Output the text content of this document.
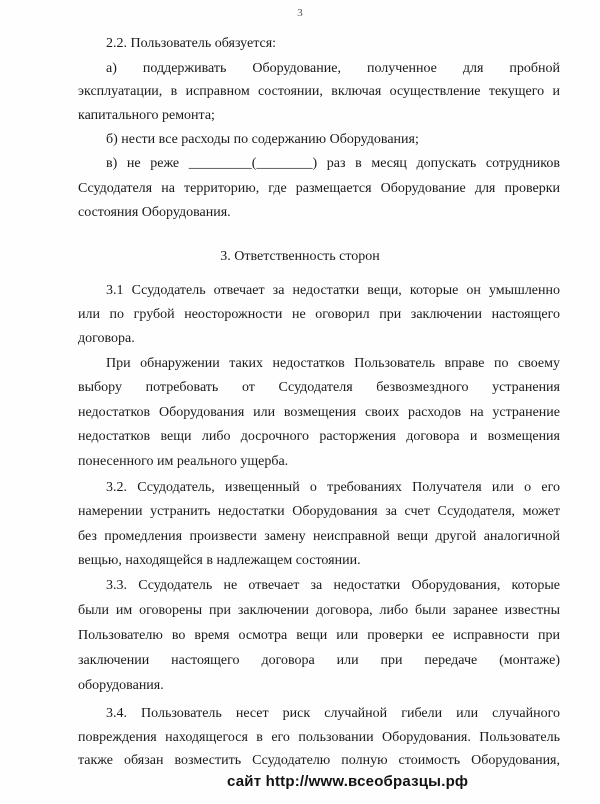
3
2.2. Пользователь обязуется:
а) поддерживать Оборудование, полученное для пробной
эксплуатации, в исправном состоянии, включая осуществление текущего и
капитального ремонта;
б) нести все расходы по содержанию Оборудования;
в) не реже _________(________) раз в месяц допускать сотрудников
Ссудодателя на территорию, где размещается Оборудование для проверки
состояния Оборудования.
3. Ответственность сторон
3.1 Ссудодатель отвечает за недостатки вещи, которые он умышленно
или по грубой неосторожности не оговорил при заключении настоящего
договора.
При обнаружении таких недостатков Пользователь вправе по своему
выбору потребовать от Ссудодателя безвозмездного устранения
недостатков Оборудования или возмещения своих расходов на устранение
недостатков вещи либо досрочного расторжения договора и возмещения
понесенного им реального ущерба.
3.2. Ссудодатель, извещенный о требованиях Получателя или о его
намерении устранить недостатки Оборудования за счет Ссудодателя, может
без промедления произвести замену неисправной вещи другой аналогичной
вещью, находящейся в надлежащем состоянии.
3.3. Ссудодатель не отвечает за недостатки Оборудования, которые
были им оговорены при заключении договора, либо были заранее известны
Пользователю во время осмотра вещи или проверки ее исправности при
заключении настоящего договора или при передаче (монтаже)
оборудования.
3.4. Пользователь несет риск случайной гибели или случайного
повреждения находящегося в его пользовании Оборудования. Пользователь
также обязан возместить Ссудодателю полную стоимость Оборудования,
сайт http://www.всеобразцы.рф
